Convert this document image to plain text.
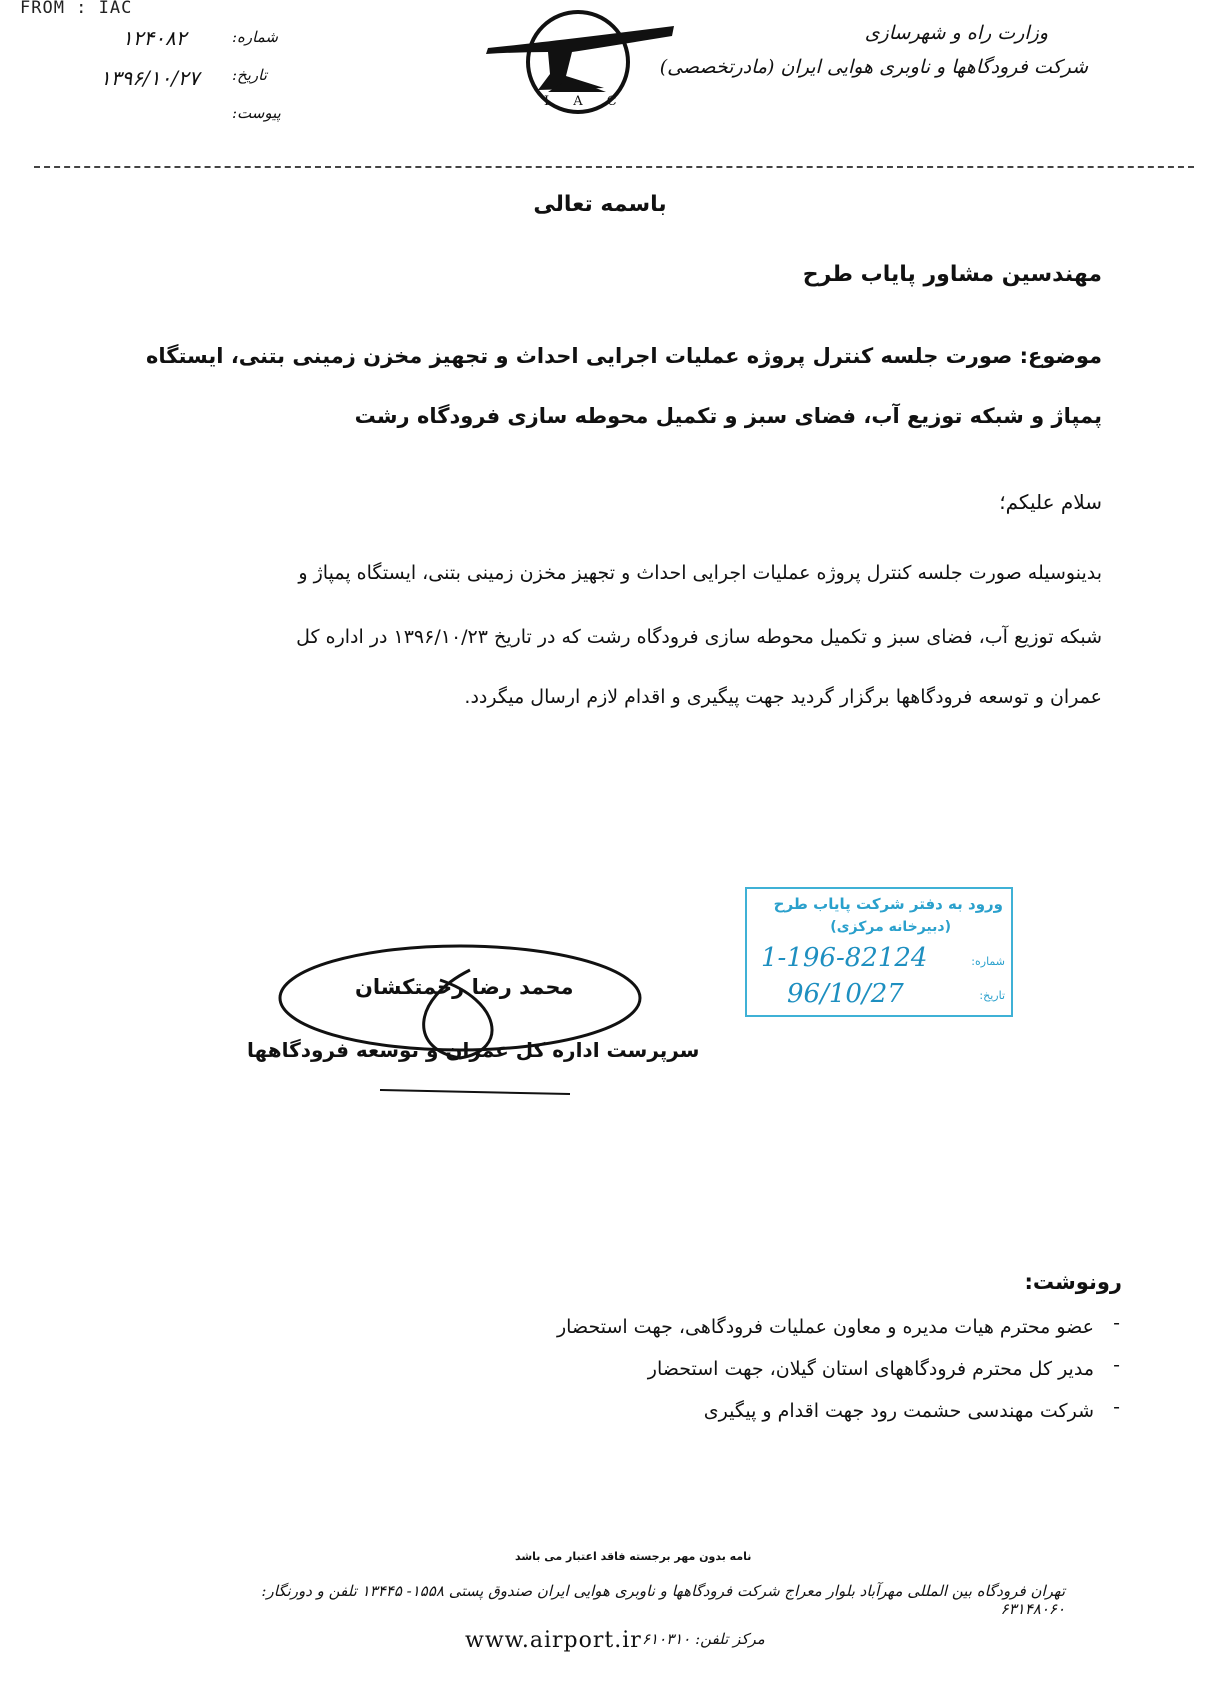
FROM : IAC
۱۲۴۰۸۲	شماره:
۱۳۹۶/۱۰/۲۷ تاریخ:
پیوست:
I A C
وزارت راه و شهرسازی
شرکت فرودگاهها و ناوبری هوایی ایران (مادرتخصصی)
باسمه تعالی
مهندسین مشاور پایاب طرح
موضوع: صورت جلسه کنترل پروژه عملیات اجرایی احداث و تجهیز مخزن زمینی بتنی، ایستگاه
پمپاژ و شبکه توزیع آب، فضای سبز و تکمیل محوطه سازی فرودگاه رشت
سلام علیکم؛
بدینوسیله صورت جلسه کنترل پروژه عملیات اجرایی احداث و تجهیز مخزن زمینی بتنی، ایستگاه پمپاژ و
شبکه توزیع آب، فضای سبز و تکمیل محوطه سازی فرودگاه رشت که در تاریخ ۱۳۹۶/۱۰/۲۳ در اداره کل
عمران و توسعه فرودگاهها برگزار گردید جهت پیگیری و اقدام لازم ارسال میگردد.
ورود به دفتر شرکت پایاب طرح
(دبیرخانه مرکزی)
شماره:
1-196-82124
تاریخ:
96/10/27
محمد رضا رحمتکشان
سرپرست اداره کل عمران و توسعه فرودگاهها
رونوشت:
عضو محترم هیات مدیره و معاون عملیات فرودگاهی، جهت استحضار -
مدیر کل محترم فرودگاههای استان گیلان، جهت استحضار -
شرکت مهندسی حشمت رود جهت اقدام و پیگیری -
نامه بدون مهر برجسته فاقد اعتبار می باشد
تهران فرودگاه بین المللی مهرآباد بلوار معراج شرکت فرودگاهها و ناوبری هوایی ایران صندوق پستی ۱۵۵۸- ۱۳۴۴۵ تلفن و دورنگار: ۶۳۱۴۸۰۶۰
www.airport.ir مرکز تلفن: ۶۱۰۳۱۰
